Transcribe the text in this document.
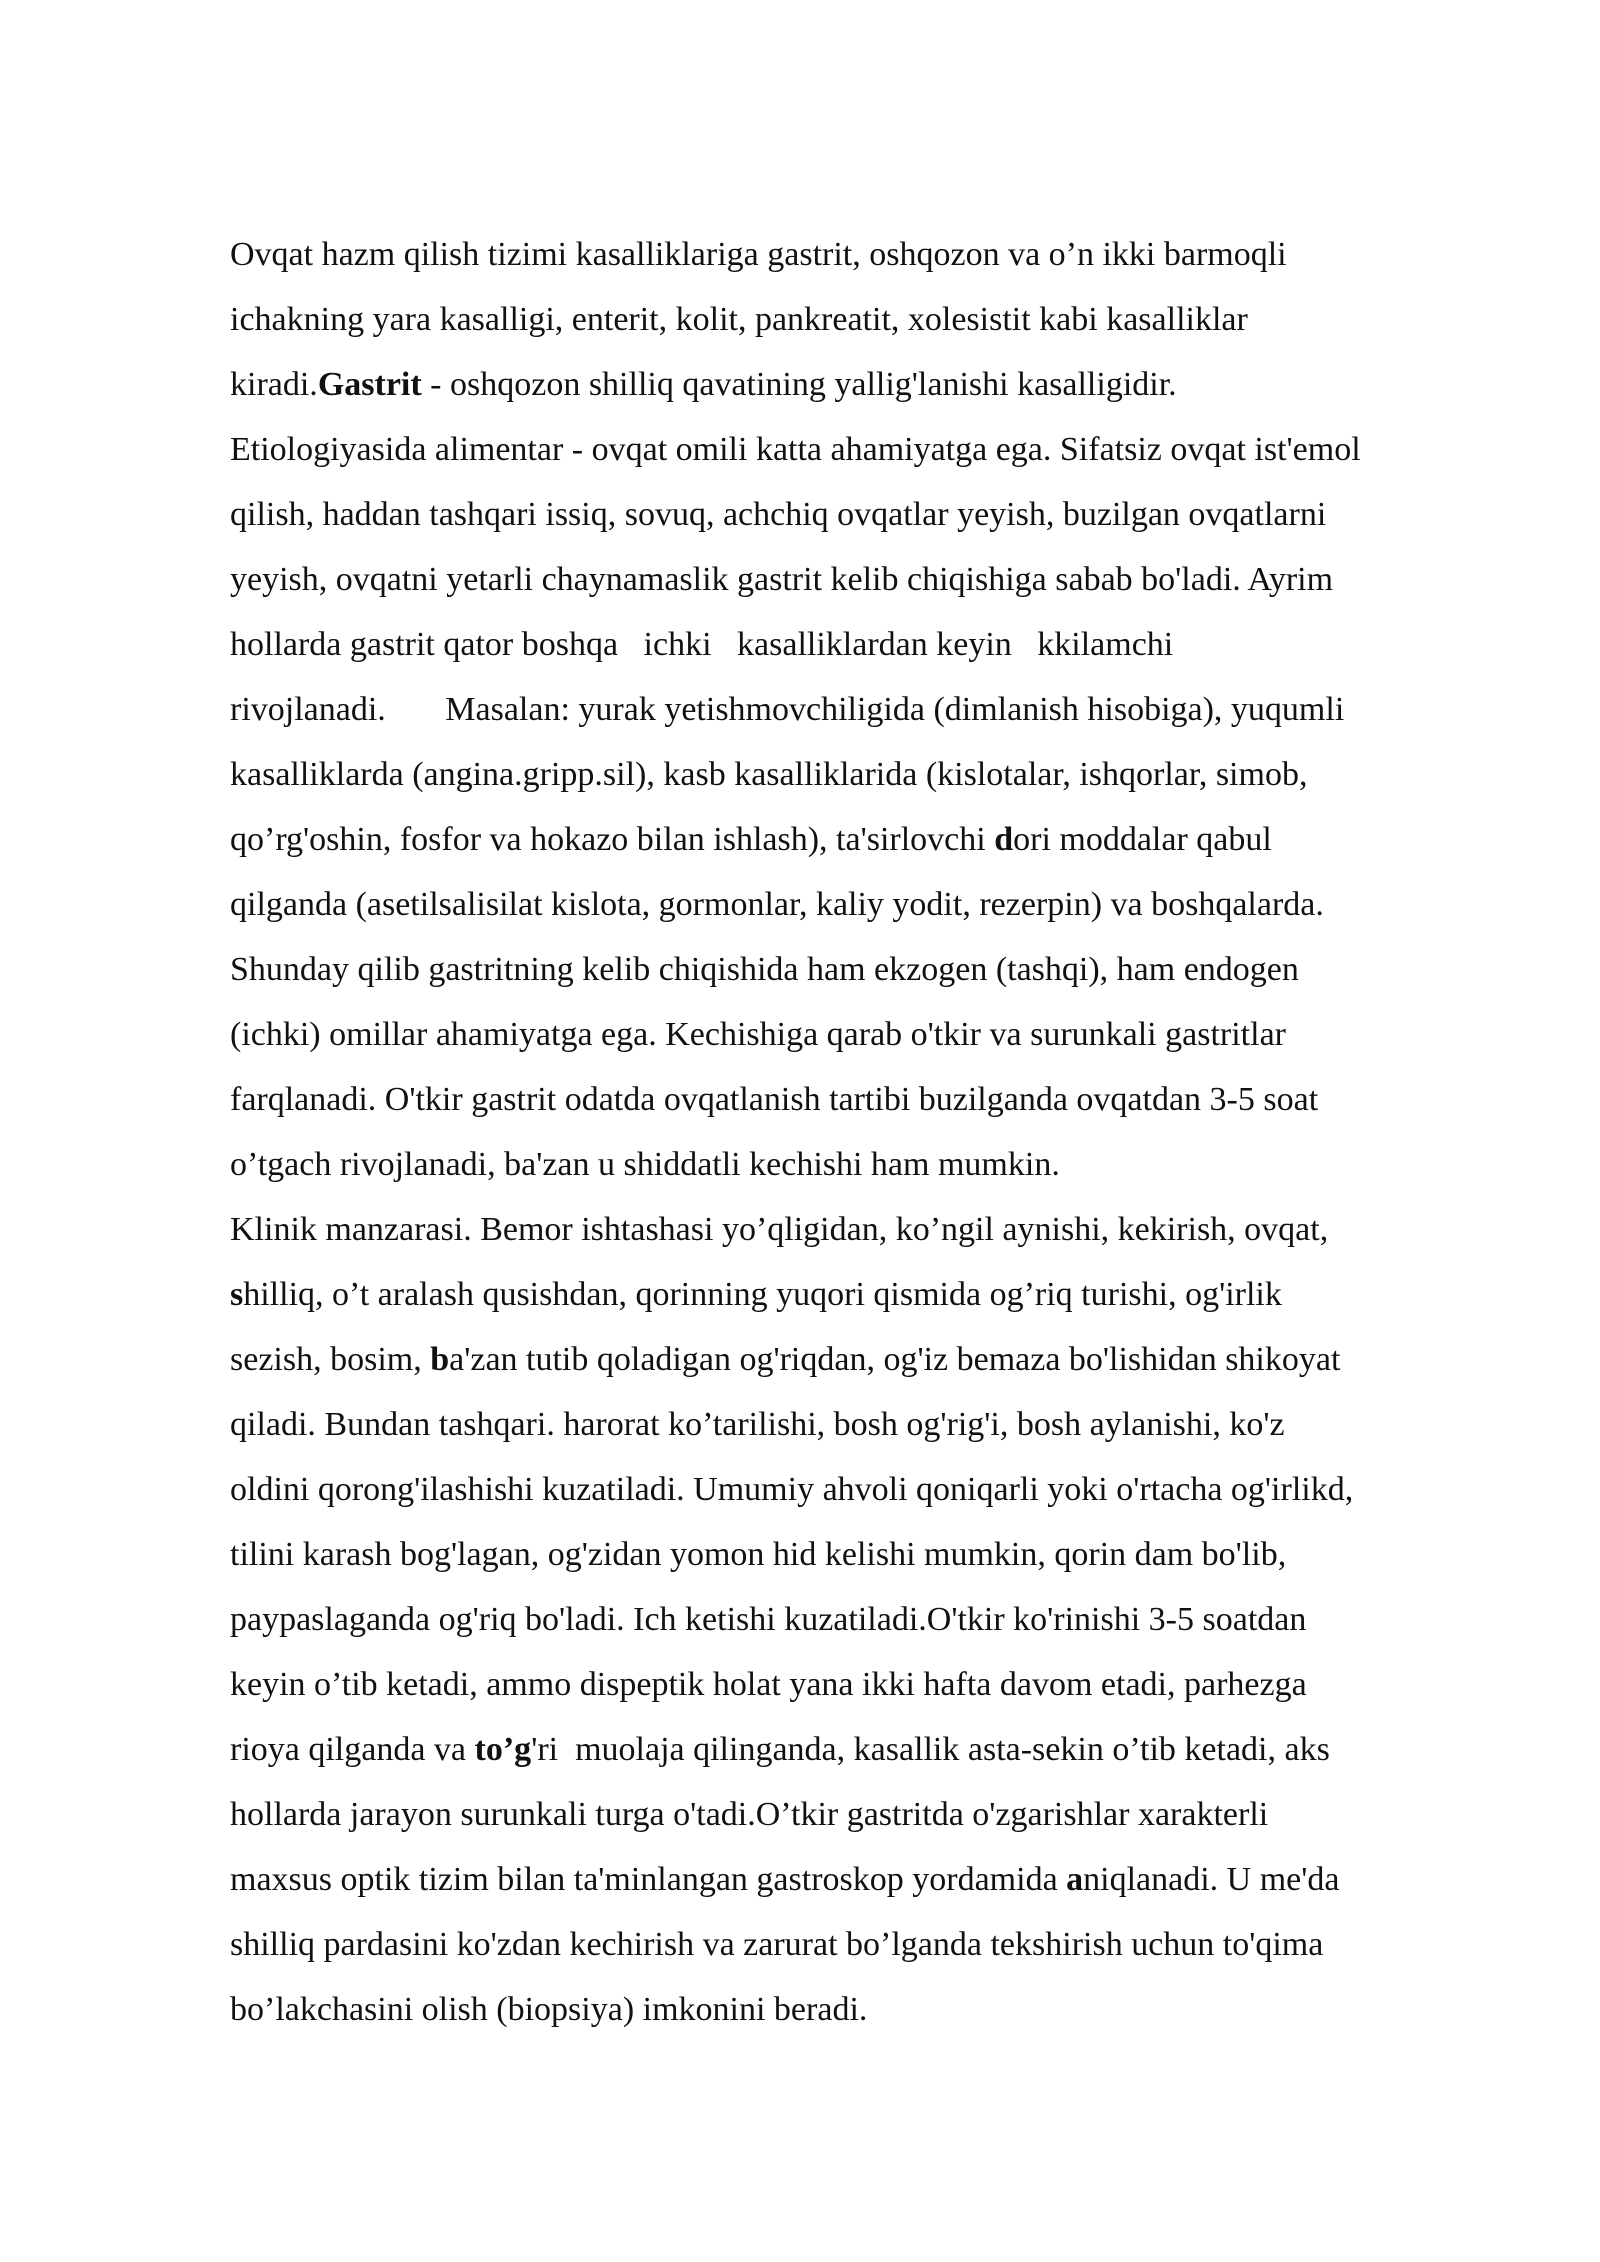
Ovqat hazm qilish tizimi kasalliklariga gastrit, oshqozon va o’n ikki barmoqli
ichakning yara kasalligi, enterit, kolit, pankreatit, xolesistit kabi kasalliklar
kiradi.Gastrit - oshqozon shilliq qavatining yallig'lanishi kasalligidir.
Etiologiyasida alimentar - ovqat omili katta ahamiyatga ega. Sifatsiz ovqat ist'emol
qilish, haddan tashqari issiq, sovuq, achchiq ovqatlar yeyish, buzilgan ovqatlarni
yeyish, ovqatni yetarli chaynamaslik gastrit kelib chiqishiga sabab bo'ladi. Ayrim
hollarda gastrit qator boshqa   ichki   kasalliklardan keyin   kkilamchi
rivojlanadi.       Masalan: yurak yetishmovchiligida (dimlanish hisobiga), yuqumli
kasalliklarda (angina.gripp.sil), kasb kasalliklarida (kislotalar, ishqorlar, simob,
qo’rg'oshin, fosfor va hokazo bilan ishlash), ta'sirlovchi dori moddalar qabul
qilganda (asetilsalisilat kislota, gormonlar, kaliy yodit, rezerpin) va boshqalarda.
Shunday qilib gastritning kelib chiqishida ham ekzogen (tashqi), ham endogen
(ichki) omillar ahamiyatga ega. Kechishiga qarab o'tkir va surunkali gastritlar
farqlanadi. O'tkir gastrit odatda ovqatlanish tartibi buzilganda ovqatdan 3-5 soat
o’tgach rivojlanadi, ba'zan u shiddatli kechishi ham mumkin.
Klinik manzarasi. Bemor ishtashasi yo’qligidan, ko’ngil aynishi, kekirish, ovqat,
shilliq, o’t aralash qusishdan, qorinning yuqori qismida og’riq turishi, og'irlik
sezish, bosim, ba'zan tutib qoladigan og'riqdan, og'iz bemaza bo'lishidan shikoyat
qiladi. Bundan tashqari. harorat ko’tarilishi, bosh og'rig'i, bosh aylanishi, ko'z
oldini qorong'ilashishi kuzatiladi. Umumiy ahvoli qoniqarli yoki o'rtacha og'irlikd,
tilini karash bog'lagan, og'zidan yomon hid kelishi mumkin, qorin dam bo'lib,
paypaslaganda og'riq bo'ladi. Ich ketishi kuzatiladi.O'tkir ko'rinishi 3-5 soatdan
keyin o’tib ketadi, ammo dispeptik holat yana ikki hafta davom etadi, parhezga
rioya qilganda va to’g'ri  muolaja qilinganda, kasallik asta-sekin o’tib ketadi, aks
hollarda jarayon surunkali turga o'tadi.O’tkir gastritda o'zgarishlar xarakterli
maxsus optik tizim bilan ta'minlangan gastroskop yordamida aniqlanadi. U me'da
shilliq pardasini ko'zdan kechirish va zarurat bo’lganda tekshirish uchun to'qima
bo’lakchasini olish (biopsiya) imkonini beradi.
